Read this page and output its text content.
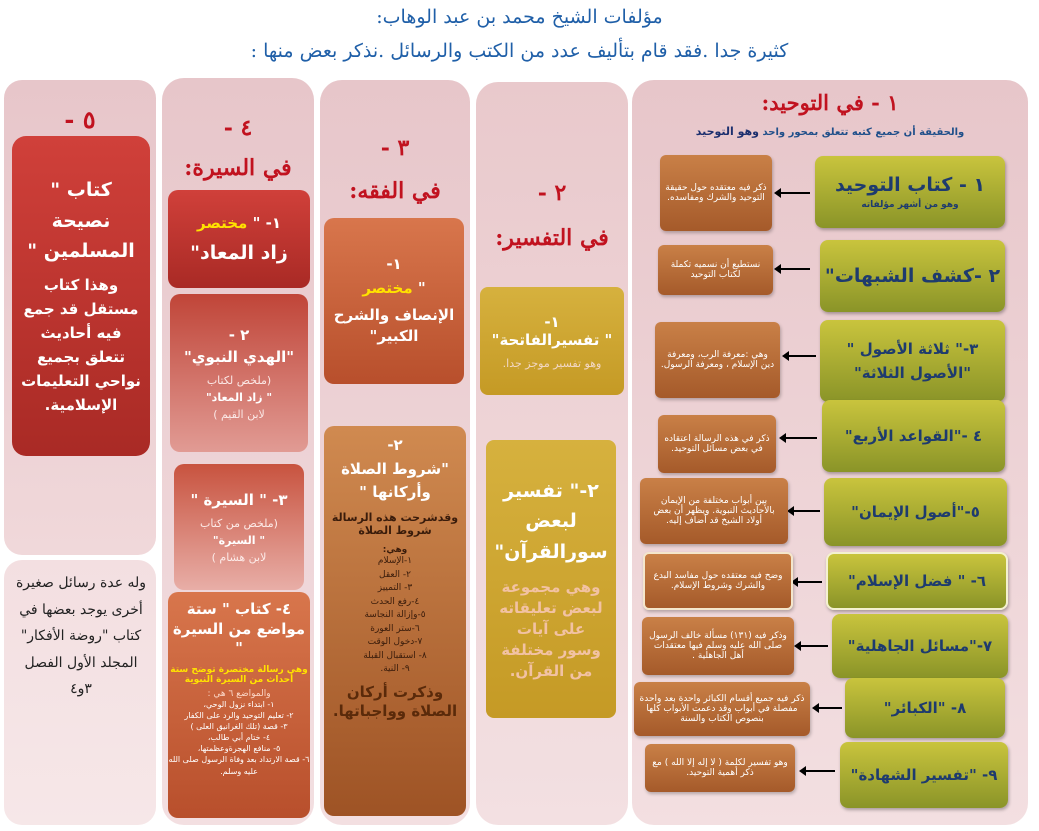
مؤلفات الشيخ محمد بن عبد الوهاب:
كثيرة جدا .فقد قام بتأليف عدد من الكتب والرسائل .نذكر بعض منها :
١ - في التوحيد:
والحقيقة أن جميع كتبه تتعلق بمحور واحد وهو التوحيد
١ - كتاب التوحيد
وهو من أشهر مؤلفاته
ذكر فيه معتقده حول حقيقة التوحيد والشرك ومفاسده.
٢ -كشف الشبهات"
نستطيع أن نسميه تكملة لكتاب التوحيد
٣-" ثلاثة الأصول "
"الأصول الثلاثة"
وهي :معرفة الرب، ومعرفة دين الإسلام ، ومعرفة الرسول.
٤ -"القواعد الأربع"
ذكر في هذه الرسالة اعتقاده في بعض مسائل التوحيد.
٥-"أصول الإيمان"
بين أبواب مختلفة من الإيمان بالأحاديث النبوية. ويظهر أن بعض أولاد الشيخ قد أضاف إليه.
٦- " فضل الإسلام"
وضح فيه معتقده حول مفاسد البدع والشرك وشروط الإسلام.
٧-"مسائل الجاهلية"
وذكر فيه (١٣١) مسألة خالف الرسول صلى الله عليه وسلم فيها معتقدات أهل الجاهلية .
٨- "الكبائر"
ذكر فيه جميع أقسام الكبائر واحدة بعد واحدة مفصلة في أبواب وقد دعمت الأبواب كلها بنصوص الكتاب والسنة
٩- "تفسير الشهادة"
وهو تفسير لكلمة ( لا إله إلا الله ) مع ذكر أهمية التوحيد.
٢ -
في التفسير:
١-
" تفسيرالفاتحة"
وهو تفسير موجز جدا.
٢-" تفسير لبعض سورالقرآن"
وهي مجموعة لبعض تعليقاته على آيات وسور مختلفة من القرآن.
٣ -
في الفقه:
١-
" مختصر
الإنصاف والشرح الكبير"
٢-
"شروط الصلاة وأركانها "
وقدشرحت هذه الرسالة شروط الصلاة
وهي:
١-الإسلام
٢- العقل
٣- التمييز
٤-رفع الحدث
٥-وإزالة النجاسة
٦-ستر العورة
٧-دخول الوقت
٨- استقبال القبلة
٩- النية.
وذكرت أركان الصلاة وواجباتها.
٤ -
في السيرة:
١- " مختصر
زاد المعاد"
٢ -
"الهدي النبوي"
(ملخص لكتاب
" زاد المعاد"
لابن القيم )
٣- " السيرة "
(ملخص من كتاب
" السيرة"
لابن هشام )
٤- كتاب " ستة مواضع من السيرة "
وهي رسالة مختصرة توضح ستة أحداث من السيرة النبوية
والمواضع ٦ هي :
١- ابتداء نزول الوحي،
٢- تعليم التوحيد والرد على الكفار
٣- قصة (تلك الغرانيق العلى )
٤- ختام أبي طالب،
٥- منافع الهجرةوعظمتها،
٦- قصة الارتداد بعد وفاة الرسول صلى الله عليه وسلم.
٥ -
كتاب " نصيحة المسلمين "
وهذا كتاب مستقل قد جمع فيه أحاديث تتعلق بجميع نواحي التعليمات الإسلامية.
وله عدة رسائل صغيرة أخرى يوجد بعضها في كتاب "روضة الأفكار" المجلد الأول الفصل ٣و٤
